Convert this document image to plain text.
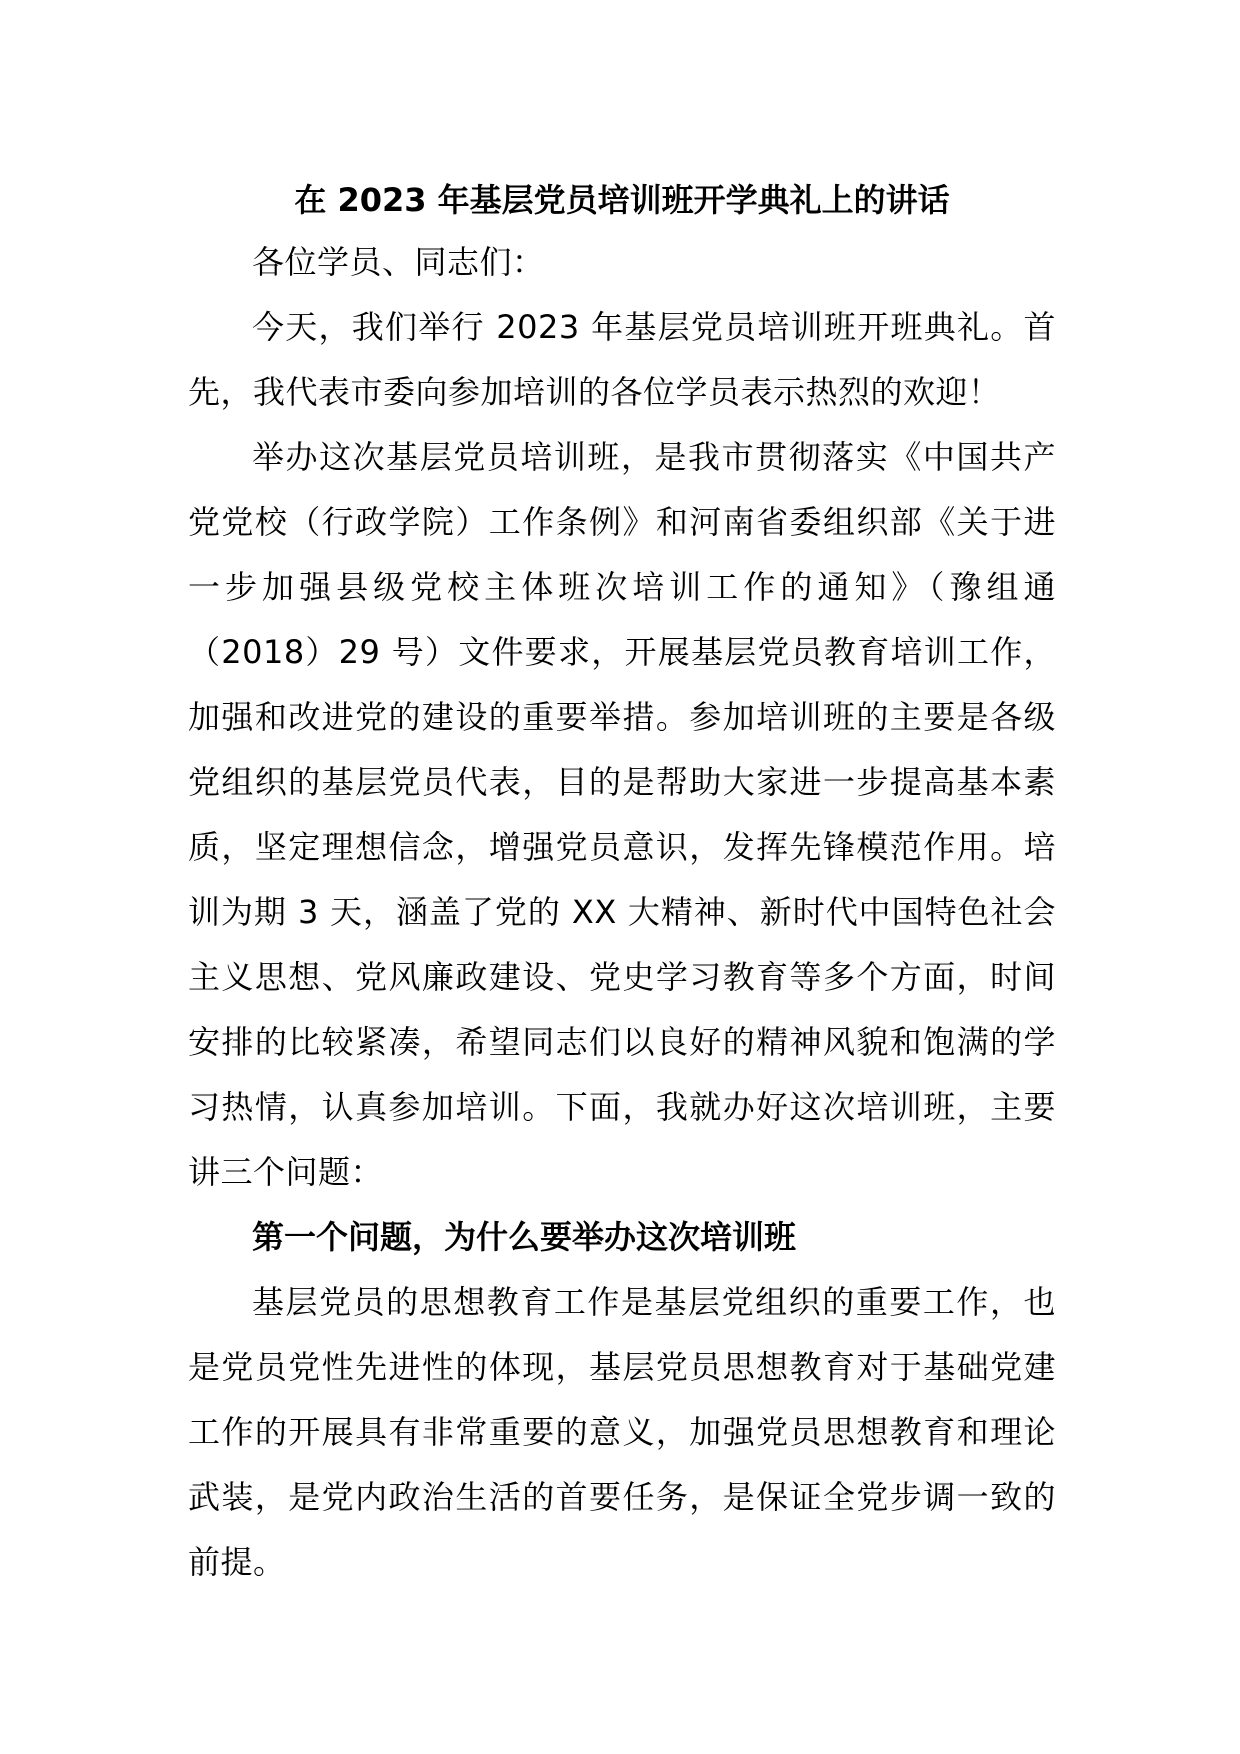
在 2023 年基层党员培训班开学典礼上的讲话

各位学员、同志们：

今天，我们举行 2023 年基层党员培训班开班典礼。首先，我代表市委向参加培训的各位学员表示热烈的欢迎！

举办这次基层党员培训班，是我市贯彻落实《中国共产党党校（行政学院）工作条例》和河南省委组织部《关于进一步加强县级党校主体班次培训工作的通知》（豫组通（2018）29 号）文件要求，开展基层党员教育培训工作，加强和改进党的建设的重要举措。参加培训班的主要是各级党组织的基层党员代表，目的是帮助大家进一步提高基本素质，坚定理想信念，增强党员意识，发挥先锋模范作用。培训为期 3 天，涵盖了党的 XX 大精神、新时代中国特色社会主义思想、党风廉政建设、党史学习教育等多个方面，时间安排的比较紧凑，希望同志们以良好的精神风貌和饱满的学习热情，认真参加培训。下面，我就办好这次培训班，主要讲三个问题：

第一个问题，为什么要举办这次培训班

基层党员的思想教育工作是基层党组织的重要工作，也是党员党性先进性的体现，基层党员思想教育对于基础党建工作的开展具有非常重要的意义，加强党员思想教育和理论武装，是党内政治生活的首要任务，是保证全党步调一致的前提。
